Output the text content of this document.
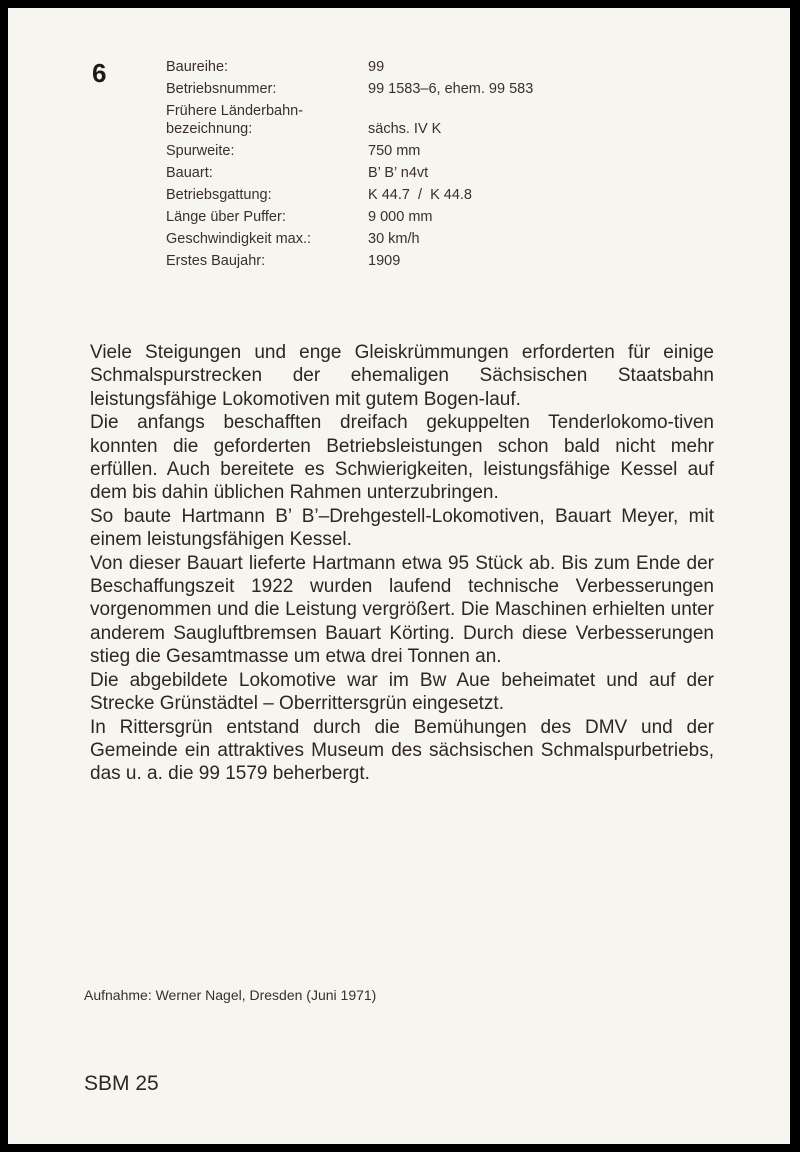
6	Baureihe:	99
Betriebsnummer:	99 1583–6, ehem. 99 583
Frühere Länderbahn-
bezeichnung:	sächs. IV K
Spurweite:	750 mm
Bauart:	B’ B’ n4vt
Betriebsgattung:	K 44.7  /  K 44.8
Länge über Puffer:	9 000 mm
Geschwindigkeit max.:	30 km/h
Erstes Baujahr:	1909

Viele Steigungen und enge Gleiskrümmungen erforderten für einige Schmalspurstrecken der ehemaligen Sächsischen Staatsbahn leistungsfähige Lokomotiven mit gutem Bogen-lauf.

Die anfangs beschafften dreifach gekuppelten Tenderlokomo-tiven konnten die geforderten Betriebsleistungen schon bald nicht mehr erfüllen. Auch bereitete es Schwierigkeiten, leistungsfähige Kessel auf dem bis dahin üblichen Rahmen unterzubringen.

So baute Hartmann B’ B’–Drehgestell-Lokomotiven, Bauart Meyer, mit einem leistungsfähigen Kessel.

Von dieser Bauart lieferte Hartmann etwa 95 Stück ab. Bis zum Ende der Beschaffungszeit 1922 wurden laufend technische Verbesserungen vorgenommen und die Leistung vergrößert. Die Maschinen erhielten unter anderem Saugluftbremsen Bauart Körting. Durch diese Verbesserungen stieg die Gesamtmasse um etwa drei Tonnen an.

Die abgebildete Lokomotive war im Bw Aue beheimatet und auf der Strecke Grünstädtel – Oberrittersgrün eingesetzt.

In Rittersgrün entstand durch die Bemühungen des DMV und der Gemeinde ein attraktives Museum des sächsischen Schmalspurbetriebs, das u. a. die 99 1579 beherbergt.

Aufnahme: Werner Nagel, Dresden (Juni 1971)
SBM 25
